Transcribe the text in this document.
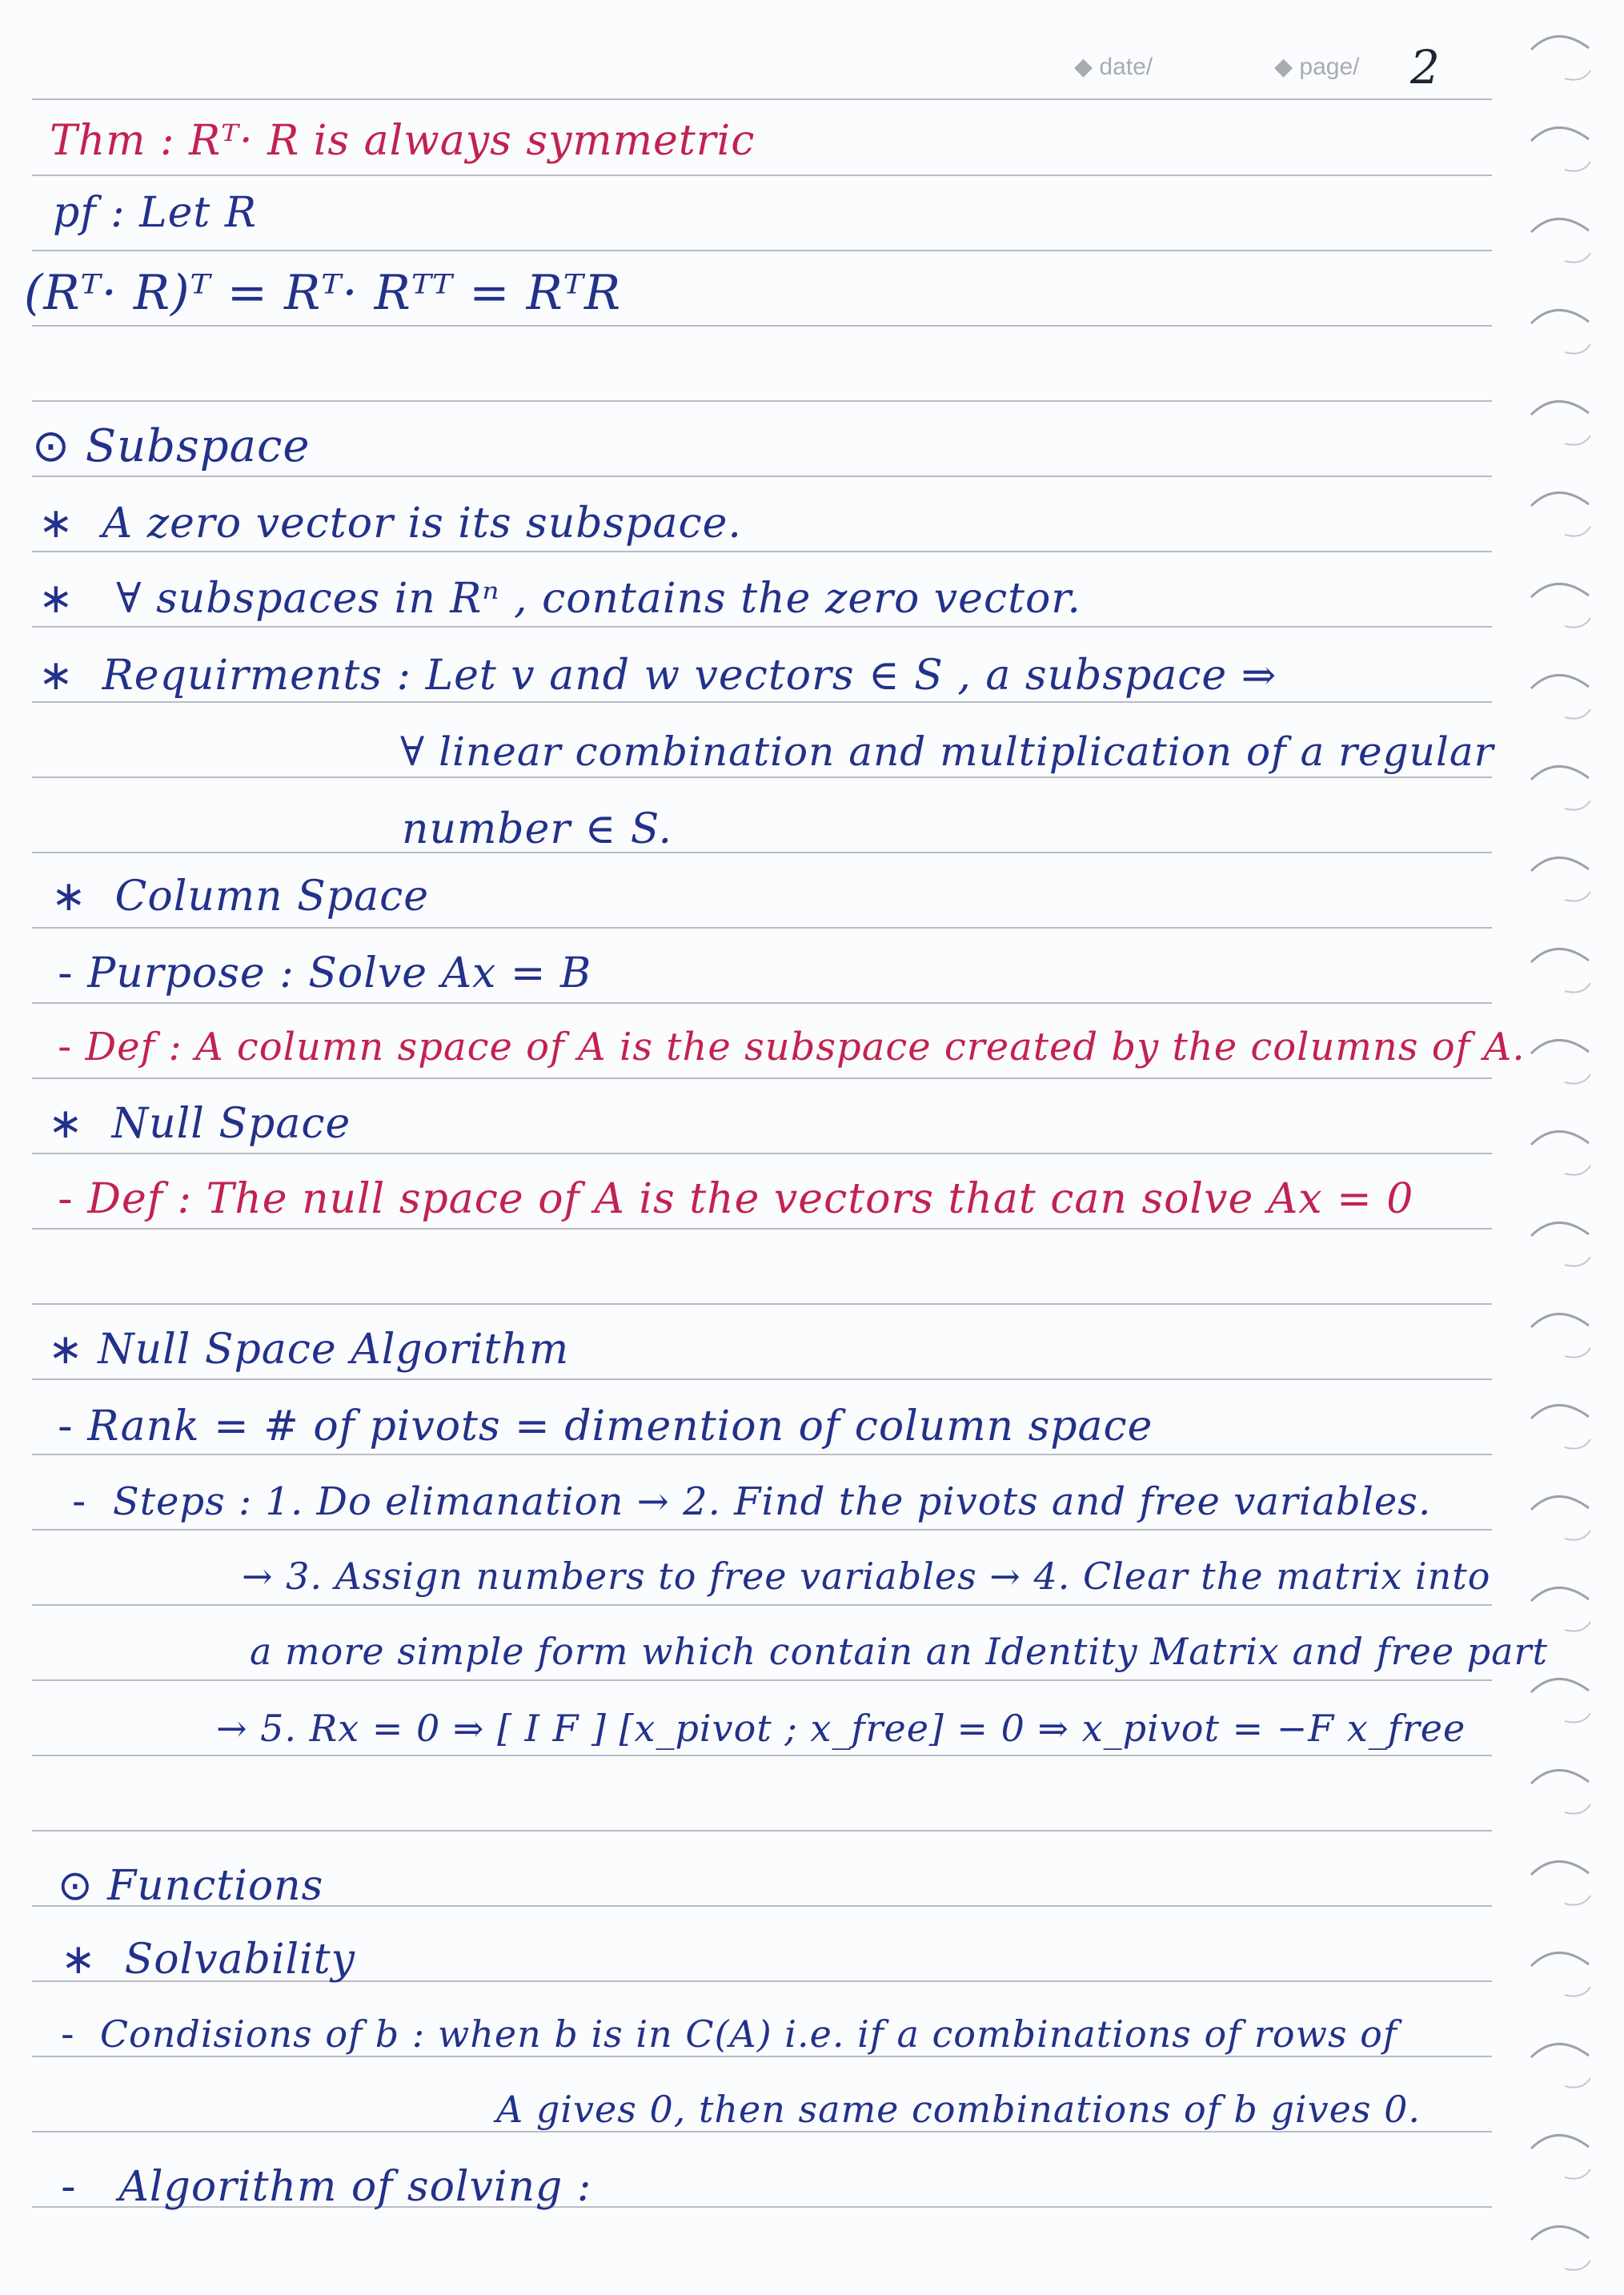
◆ date/	◆ page/ 2
Thm : Rᵀ· R is always symmetric
pf : Let R
(Rᵀ· R)ᵀ = Rᵀ· Rᵀᵀ = RᵀR
⊙ Subspace
∗ A zero vector is its subspace.
∗ ∀ subspaces in Rⁿ , contains the zero vector.
∗ Requirments : Let v and w vectors ∈ S , a subspace ⇒
∀ linear combination and multiplication of a regular
number ∈ S.
∗ Column Space
- Purpose : Solve Ax = B
- Def : A column space of A is the subspace created by the columns of A.
∗ Null Space
- Def : The null space of A is the vectors that can solve Ax = 0
∗ Null Space Algorithm
- Rank = # of pivots = dimention of column space
- Steps : 1. Do elimanation → 2. Find the pivots and free variables.
→ 3. Assign numbers to free variables → 4. Clear the matrix into
a more simple form which contain an Identity Matrix and free part
→ 5. Rx = 0 ⇒ [ I F ] [x_pivot ; x_free] = 0 ⇒ x_pivot = −F x_free
⊙ Functions
∗ Solvability
- Condisions of b : when b is in C(A) i.e. if a combinations of rows of
A gives 0, then same combinations of b gives 0.
- Algorithm of solving :
